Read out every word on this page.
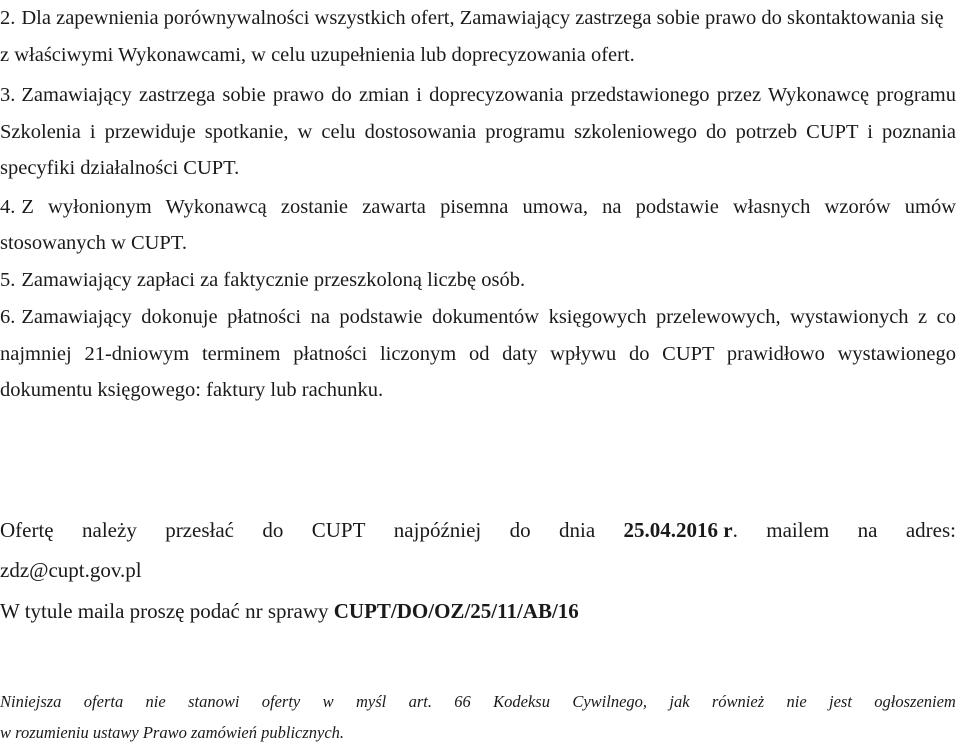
2. Dla zapewnienia porównywalności wszystkich ofert, Zamawiający zastrzega sobie prawo do skontaktowania się z właściwymi Wykonawcami, w celu uzupełnienia lub doprecyzowania ofert.
3. Zamawiający zastrzega sobie prawo do zmian i doprecyzowania przedstawionego przez Wykonawcę programu Szkolenia i przewiduje spotkanie, w celu dostosowania programu szkoleniowego do potrzeb CUPT i poznania specyfiki działalności CUPT.
4. Z wyłonionym Wykonawcą zostanie zawarta pisemna umowa, na podstawie własnych wzorów umów stosowanych w CUPT.
5. Zamawiający zapłaci za faktycznie przeszkoloną liczbę osób.
6. Zamawiający dokonuje płatności na podstawie dokumentów księgowych przelewowych, wystawionych z co najmniej 21-dniowym terminem płatności liczonym od daty wpływu do CUPT prawidłowo wystawionego dokumentu księgowego: faktury lub rachunku.
Ofertę należy przesłać do CUPT najpóźniej do dnia 25.04.2016 r. mailem na adres:
zdz@cupt.gov.pl
W tytule maila proszę podać nr sprawy CUPT/DO/OZ/25/11/AB/16
Niniejsza oferta nie stanowi oferty w myśl art. 66 Kodeksu Cywilnego, jak również nie jest ogłoszeniem
w rozumieniu ustawy Prawo zamówień publicznych.
